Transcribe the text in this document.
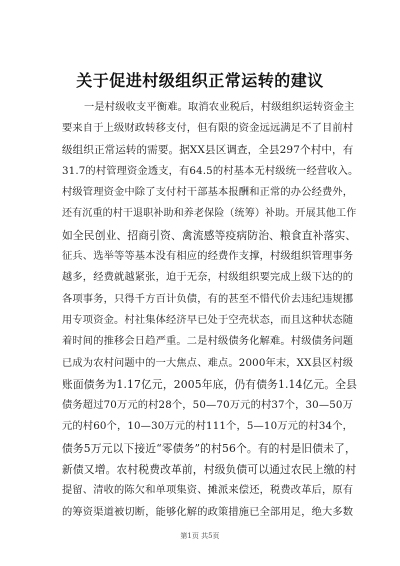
关于促进村级组织正常运转的建议
一是村级收支平衡难。取消农业税后，村级组织运转资金主
要来自于上级财政转移支付，但有限的资金远远满足不了目前村
级组织正常运转的需要。据XX县区调查，全县297个村中，有
31.7的村管理资金透支，有64.5的村基本无村级统一经营收入。
村级管理资金中除了支付村干部基本报酬和正常的办公经费外，
还有沉重的村干退职补助和养老保险（统筹）补助。开展其他工作
如全民创业、招商引资、禽流感等疫病防治、粮食直补落实、
征兵、选举等等基本没有相应的经费作支撑，村级组织管理事务
越多，经费就越紧张，迫于无奈，村级组织要完成上级下达的的
各项事务，只得千方百计负债，有的甚至不惜代价去违纪违规挪
用专项资金。村社集体经济早已处于空壳状态，而且这种状态随
着时间的推移会日趋严重。二是村级债务化解难。村级债务问题
已成为农村问题中的一大焦点、难点。2000年末，XX县区村级
账面债务为1.17亿元，2005年底，仍有债务1.14亿元。全县
债务超过70万元的村28个，50—70万元的村37个，30—50万
元的村60个，10—30万元的村111个，5—10万元的村34个，
债务5万元以下接近“零债务”的村56个。有的村是旧债未了，
新债又增。农村税费改革前，村级负债可以通过农民上缴的村
提留、清收的陈欠和单项集资、摊派来偿还，税费改革后，原有
的筹资渠道被切断，能够化解的政策措施已全部用足，绝大多数
第1页 共5页
